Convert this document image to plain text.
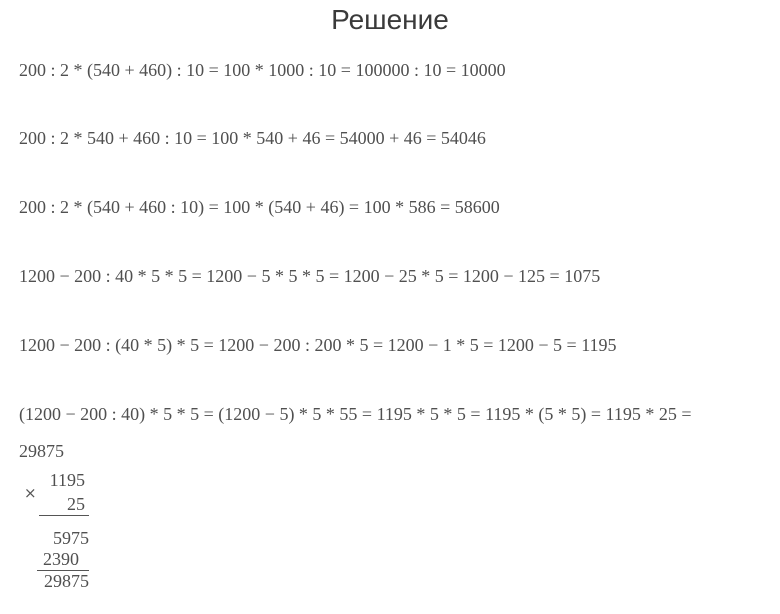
Решение
200 : 2 * (540 + 460) : 10 = 100 * 1000 : 10 = 100000 : 10 = 10000
200 : 2 * 540 + 460 : 10 = 100 * 540 + 46 = 54000 + 46 = 54046
200 : 2 * (540 + 460 : 10) = 100 * (540 + 46) = 100 * 586 = 58600
1200 − 200 : 40 * 5 * 5 = 1200 − 5 * 5 * 5 = 1200 − 25 * 5 = 1200 − 125 = 1075
1200 − 200 : (40 * 5) * 5 = 1200 − 200 : 200 * 5 = 1200 − 1 * 5 = 1200 − 5 = 1195
(1200 − 200 : 40) * 5 * 5 = (1200 − 5) * 5 * 55 = 1195 * 5 * 5 = 1195 * (5 * 5) = 1195 * 25 =
29875
×
1195
25
5975
2390
29875
